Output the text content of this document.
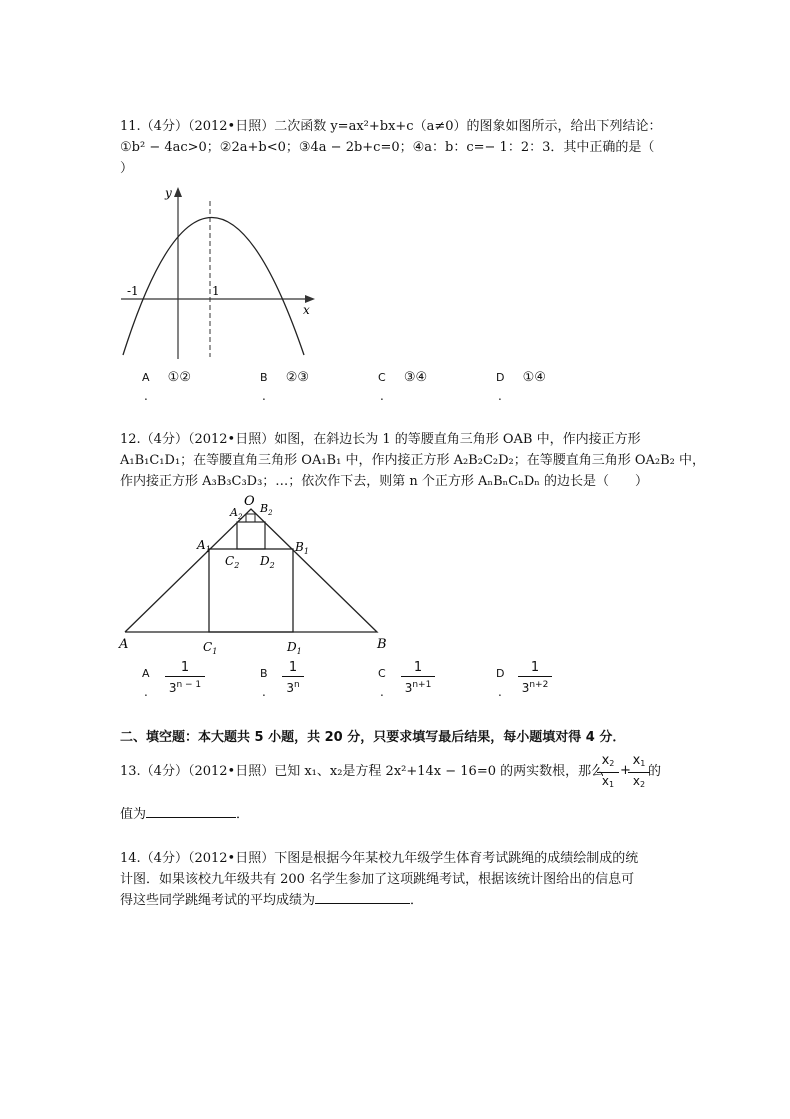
11.（4分）（2012•日照）二次函数 y=ax²+bx+c（a≠0）的图象如图所示，给出下列结论：
①b² − 4ac>0；②2a+b<0；③4a − 2b+c=0；④a：b：c=− 1：2：3．其中正确的是（
）
y
x
-1	1
A ①②
.
B ②③
.
C ③④
.
D ①④
.
12.（4分）（2012•日照）如图，在斜边长为 1 的等腰直角三角形 OAB 中，作内接正方形
A₁B₁C₁D₁；在等腰直角三角形 OA₁B₁ 中，作内接正方形 A₂B₂C₂D₂；在等腰直角三角形 OA₂B₂ 中，
作内接正方形 A₃B₃C₃D₃；…；依次作下去，则第 n 个正方形 AₙBₙCₙDₙ 的边长是（　　）
O
A	B
$A_1$	$B_1$
$C_1$	$D_1$
$A_2$
$B_2$
$C_2$ $D_2$
A
.
1
$3^{n - 1}$
B
.
1
3$^n$
C
.
1
$3^{n+1}$
D
.
1
$3^{n+2}$
二、填空题：本大题共 5 小题，共 20 分，只要求填写最后结果，每小题填对得 4 分．
13.（4分）（2012•日照）已知 x₁、x₂是方程 2x²+14x − 16=0 的两实数根，那么
$x_2$
$x_1$
+
$x_1$
$x_2$
的
值为	．
14.（4分）（2012•日照）下图是根据今年某校九年级学生体育考试跳绳的成绩绘制成的统
计图．如果该校九年级共有 200 名学生参加了这项跳绳考试，根据该统计图给出的信息可
得这些同学跳绳考试的平均成绩为	．
